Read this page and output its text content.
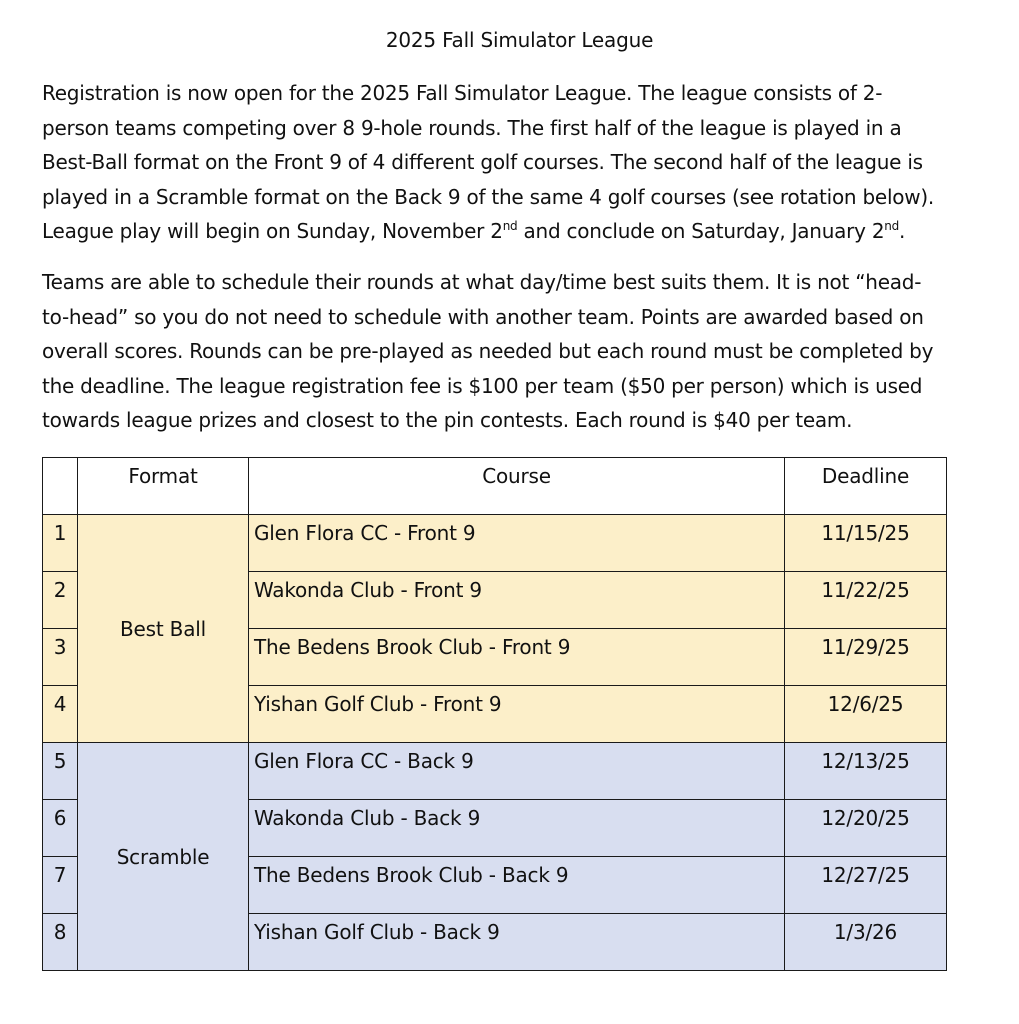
2025 Fall Simulator League

Registration is now open for the 2025 Fall Simulator League. The league consists of 2-
person teams competing over 8 9-hole rounds. The first half of the league is played in a
Best-Ball format on the Front 9 of 4 different golf courses. The second half of the league is
played in a Scramble format on the Back 9 of the same 4 golf courses (see rotation below).
League play will begin on Sunday, November 2nd and conclude on Saturday, January 2nd.

Teams are able to schedule their rounds at what day/time best suits them. It is not “head-
to-head” so you do not need to schedule with another team. Points are awarded based on
overall scores. Rounds can be pre-played as needed but each round must be completed by
the deadline. The league registration fee is $100 per team ($50 per person) which is used
towards league prizes and closest to the pin contests. Each round is $40 per team.

	Format	Course	Deadline
1	Best Ball	Glen Flora CC - Front 9	11/15/25
2		Wakonda Club - Front 9	11/22/25
3		The Bedens Brook Club - Front 9	11/29/25
4		Yishan Golf Club - Front 9	12/6/25
5	Scramble	Glen Flora CC - Back 9	12/13/25
6		Wakonda Club - Back 9	12/20/25
7		The Bedens Brook Club - Back 9	12/27/25
8		Yishan Golf Club - Back 9	1/3/26
